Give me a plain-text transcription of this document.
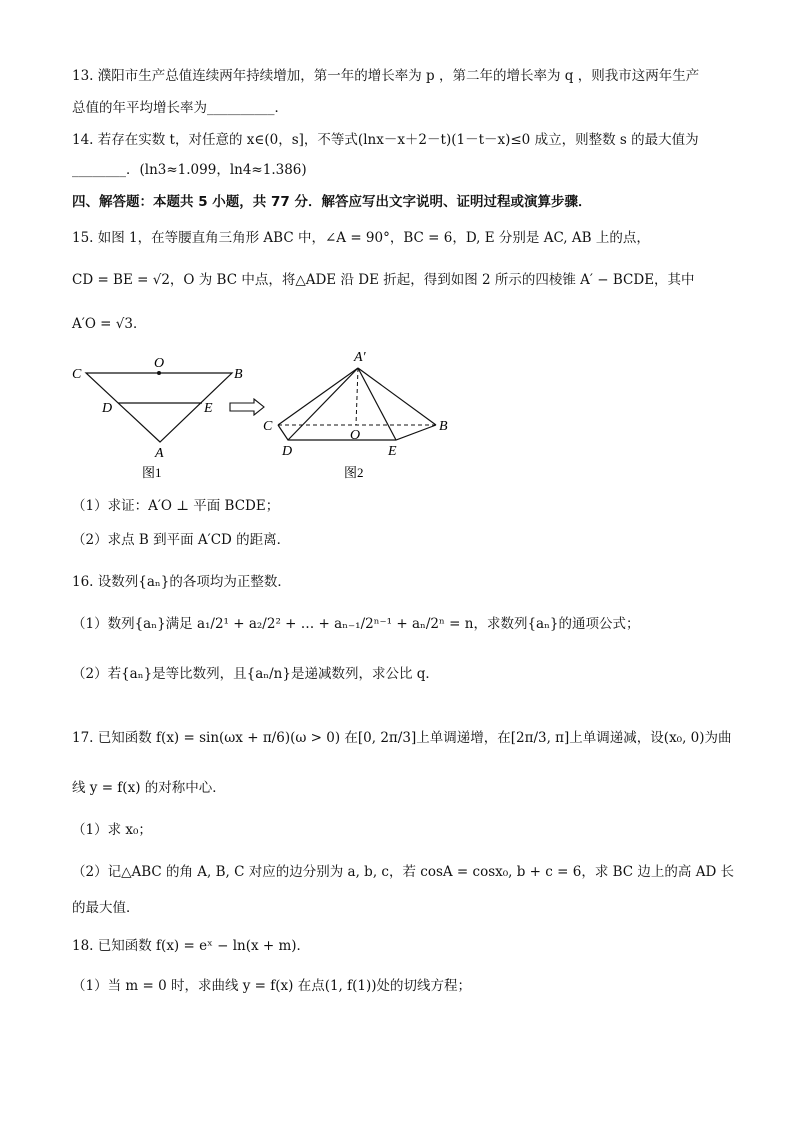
13. 濮阳市生产总值连续两年持续增加，第一年的增长率为 p ，第二年的增长率为 q ，则我市这两年生产
总值的年平均增长率为__________．
14. 若存在实数 t，对任意的 x∈(0，s]，不等式(lnx－x＋2－t)(1－t－x)≤0 成立，则整数 s 的最大值为
________．(ln3≈1.099，ln4≈1.386)
四、解答题：本题共 5 小题，共 77 分．解答应写出文字说明、证明过程或演算步骤．
15. 如图 1，在等腰直角三角形 ABC 中，∠A = 90°，BC = 6，D, E 分别是 AC, AB 上的点，
CD = BE = √2，O 为 BC 中点，将△ADE 沿 DE 折起，得到如图 2 所示的四棱锥 A′ − BCDE，其中
A′O = √3．
C
O
B
D	E
A
图1
A′
C
O
B
D	E
图2
（1）求证：A′O ⊥ 平面 BCDE；
（2）求点 B 到平面 A′CD 的距离．
16. 设数列{aₙ}的各项均为正整数．
（1）数列{aₙ}满足 a₁/2¹ + a₂/2² + … + aₙ₋₁/2ⁿ⁻¹ + aₙ/2ⁿ = n，求数列{aₙ}的通项公式；
（2）若{aₙ}是等比数列，且{aₙ/n}是递减数列，求公比 q．
17. 已知函数 f(x) = sin(ωx + π/6)(ω > 0) 在[0, 2π/3]上单调递增，在[2π/3, π]上单调递减，设(x₀, 0)为曲
线 y = f(x) 的对称中心．
（1）求 x₀；
（2）记△ABC 的角 A, B, C 对应的边分别为 a, b, c，若 cosA = cosx₀, b + c = 6，求 BC 边上的高 AD 长
的最大值．
18. 已知函数 f(x) = eˣ − ln(x + m)．
（1）当 m = 0 时，求曲线 y = f(x) 在点(1, f(1))处的切线方程；
